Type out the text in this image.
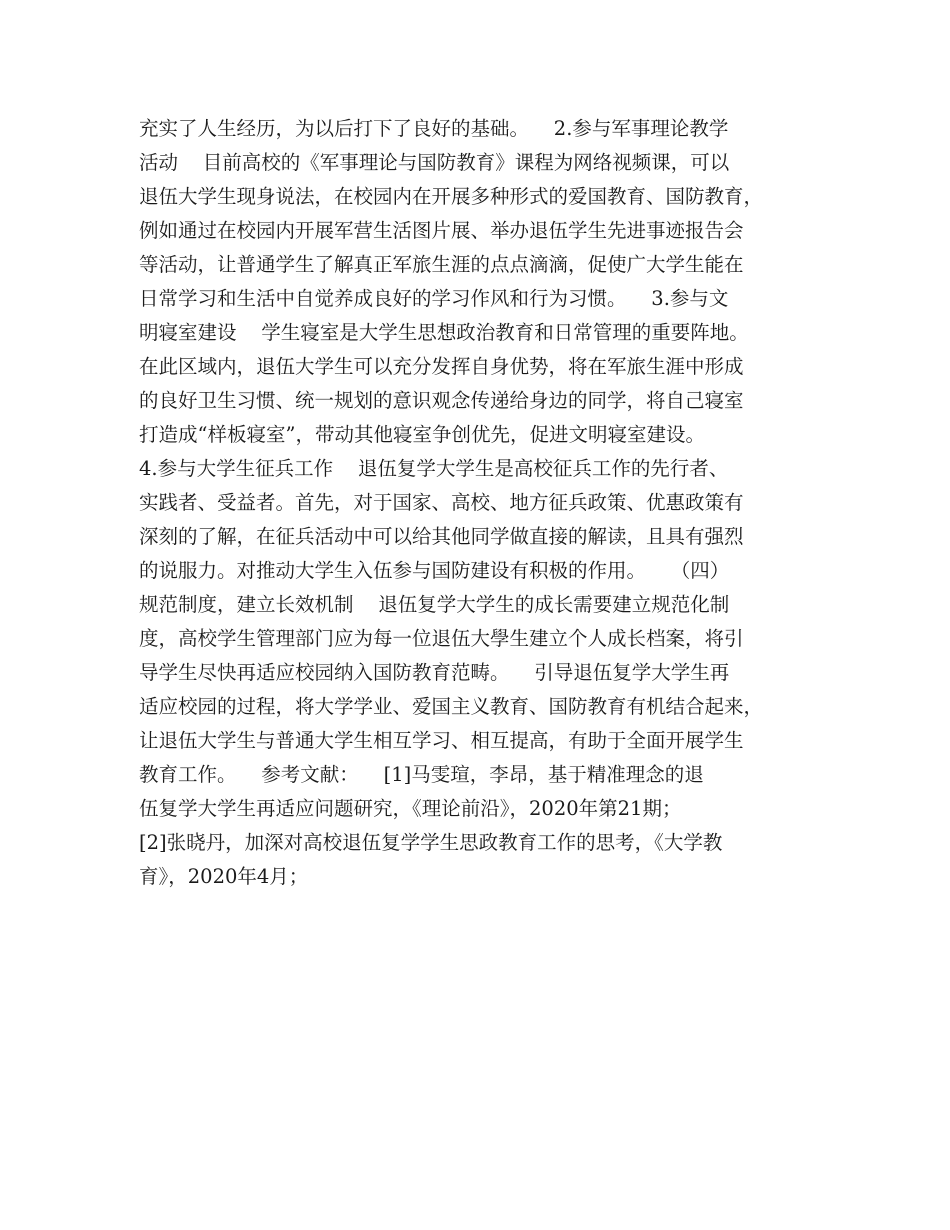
充实了人生经历，为以后打下了良好的基础。    2.参与军事理论教学
活动    目前高校的《军事理论与国防教育》课程为网络视频课，可以
退伍大学生现身说法，在校园内在开展多种形式的爱国教育、国防教育，
例如通过在校园内开展军营生活图片展、举办退伍学生先进事迹报告会
等活动，让普通学生了解真正军旅生涯的点点滴滴，促使广大学生能在
日常学习和生活中自觉养成良好的学习作风和行为习惯。    3.参与文
明寝室建设    学生寝室是大学生思想政治教育和日常管理的重要阵地。
在此区域内，退伍大学生可以充分发挥自身优势，将在军旅生涯中形成
的良好卫生习惯、统一规划的意识观念传递给身边的同学，将自己寝室
打造成“样板寝室”，带动其他寝室争创优先，促进文明寝室建设。
4.参与大学生征兵工作    退伍复学大学生是高校征兵工作的先行者、
实践者、受益者。首先，对于国家、高校、地方征兵政策、优惠政策有
深刻的了解，在征兵活动中可以给其他同学做直接的解读，且具有强烈
的说服力。对推动大学生入伍参与国防建设有积极的作用。    （四）
规范制度，建立长效机制    退伍复学大学生的成长需要建立规范化制
度，高校学生管理部门应为每一位退伍大學生建立个人成长档案，将引
导学生尽快再适应校园纳入国防教育范畴。    引导退伍复学大学生再
适应校园的过程，将大学学业、爱国主义教育、国防教育有机结合起来，
让退伍大学生与普通大学生相互学习、相互提高，有助于全面开展学生
教育工作。    参考文献：    [1]马雯瑄，李昂，基于精准理念的退
伍复学大学生再适应问题研究，《理论前沿》，2020年第21期；
[2]张晓丹，加深对高校退伍复学学生思政教育工作的思考，《大学教
育》，2020年4月；
